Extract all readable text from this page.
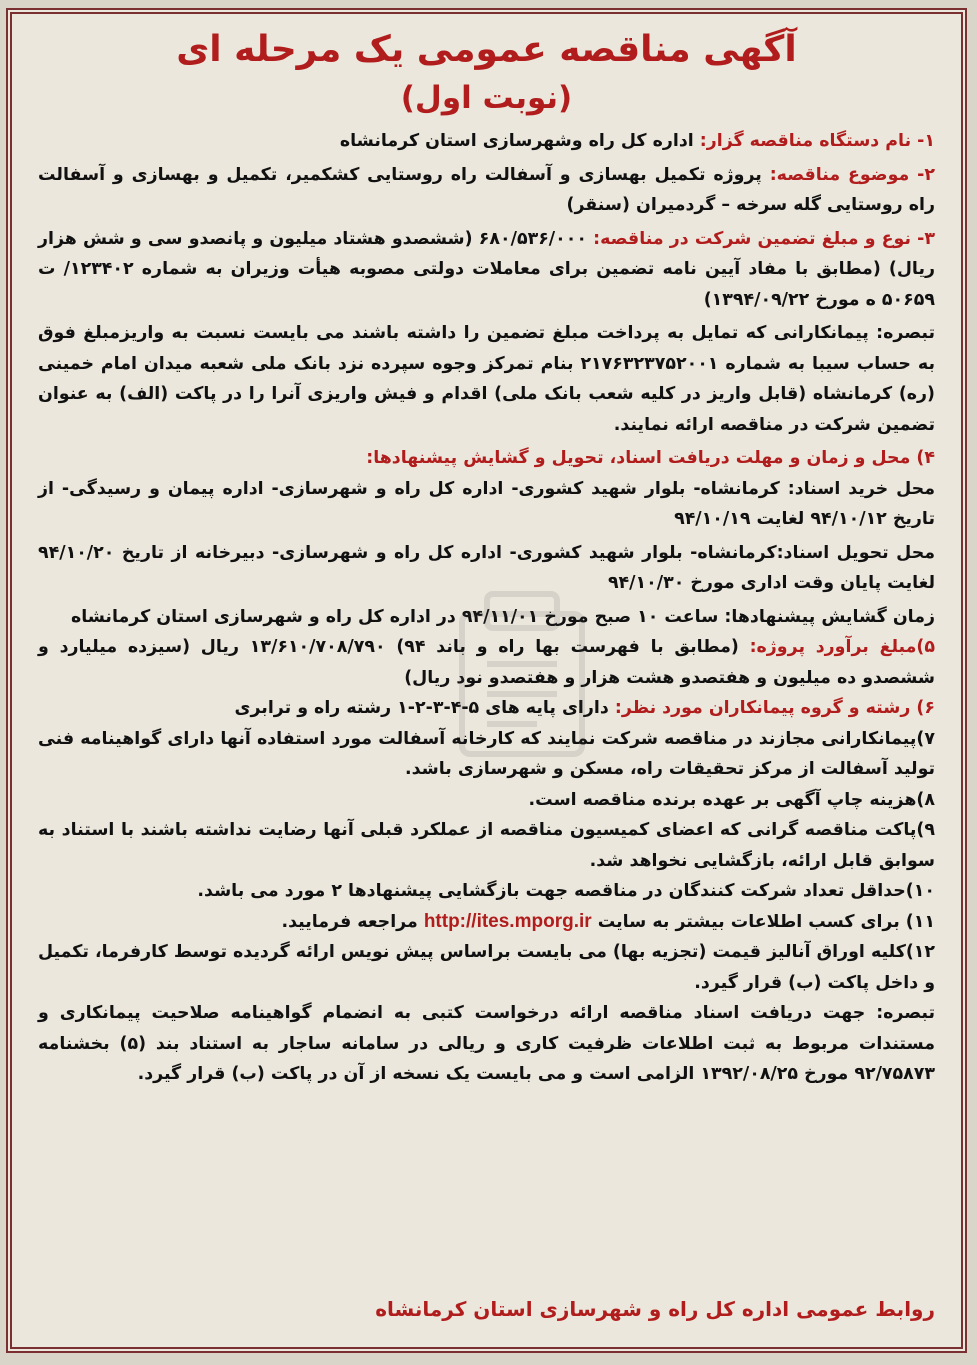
آگهی مناقصه عمومی یک مرحله ای
(نوبت اول)

۱- نام دستگاه مناقصه گزار: اداره کل راه وشهرسازی استان کرمانشاه

۲- موضوع مناقصه: پروژه تکمیل بهسازی و آسفالت راه روستایی کشکمیر، تکمیل و بهسازی و آسفالت راه روستایی گله سرخه – گردمیران (سنقر)

۳- نوع و مبلغ تضمین شرکت در مناقصه: ۶۸۰/۵۳۶/۰۰۰ (ششصدو هشتاد میلیون و پانصدو سی و شش هزار ریال) (مطابق با مفاد آیین نامه تضمین برای معاملات دولتی مصوبه هیأت وزیران به شماره ۱۲۳۴۰۲/ ت ۵۰۶۵۹ ه مورخ ۱۳۹۴/۰۹/۲۲)

تبصره: پیمانکارانی که تمایل به پرداخت مبلغ تضمین را داشته باشند می بایست نسبت به واریزمبلغ فوق به حساب سیبا به شماره ۲۱۷۶۳۲۳۷۵۲۰۰۱ بنام تمرکز وجوه سپرده نزد بانک ملی شعبه میدان امام خمینی (ره) کرمانشاه (قابل واریز در کلیه شعب بانک ملی) اقدام و فیش واریزی آنرا را در پاکت (الف) به عنوان تضمین شرکت در مناقصه ارائه نمایند.

۴) محل و زمان و مهلت دریافت اسناد، تحویل و گشایش پیشنهادها:

محل خرید اسناد: کرمانشاه- بلوار شهید کشوری- اداره کل راه و شهرسازی- اداره پیمان و رسیدگی- از تاریخ ۹۴/۱۰/۱۲ لغایت ۹۴/۱۰/۱۹

محل تحویل اسناد:کرمانشاه- بلوار شهید کشوری- اداره کل راه و شهرسازی- دبیرخانه از تاریخ ۹۴/۱۰/۲۰ لغایت پایان وقت اداری مورخ ۹۴/۱۰/۳۰

زمان گشایش پیشنهادها: ساعت ۱۰ صبح مورخ ۹۴/۱۱/۰۱ در اداره کل راه و شهرسازی استان کرمانشاه

۵)مبلغ برآورد پروژه: (مطابق با فهرست بها راه و باند ۹۴) ۱۳/۶۱۰/۷۰۸/۷۹۰ ریال (سیزده میلیارد و ششصدو ده میلیون و هفتصدو هشت هزار و هفتصدو نود ریال)

۶) رشته و گروه پیمانکاران مورد نظر: دارای پایه های ۵-۴-۳-۲-۱ رشته راه و ترابری

۷)پیمانکارانی مجازند در مناقصه شرکت نمایند که کارخانه آسفالت مورد استفاده آنها دارای گواهینامه فنی تولید آسفالت از مرکز تحقیقات راه، مسکن و شهرسازی باشد.

۸)هزینه چاپ آگهی بر عهده برنده مناقصه است.

۹)پاکت مناقصه گرانی که اعضای کمیسیون مناقصه از عملکرد قبلی آنها رضایت نداشته باشند با استناد به سوابق قابل ارائه، بازگشایی نخواهد شد.

۱۰)حداقل تعداد شرکت کنندگان در مناقصه جهت بازگشایی پیشنهادها ۲ مورد می باشد.

۱۱) برای کسب اطلاعات بیشتر به سایت http://ites.mporg.ir مراجعه فرمایید.

۱۲)کلیه اوراق آنالیز قیمت (تجزیه بها) می بایست براساس پیش نویس ارائه گردیده توسط کارفرما، تکمیل و داخل پاکت (ب) قرار گیرد.

تبصره: جهت دریافت اسناد مناقصه ارائه درخواست کتبی به انضمام گواهینامه صلاحیت پیمانکاری و مستندات مربوط به ثبت اطلاعات ظرفیت کاری و ریالی در سامانه ساجار به استناد بند (۵) بخشنامه ۹۲/۷۵۸۷۳ مورخ ۱۳۹۲/۰۸/۲۵ الزامی است و می بایست یک نسخه از آن در پاکت (ب) قرار گیرد.

روابط عمومی اداره کل راه و شهرسازی استان کرمانشاه
